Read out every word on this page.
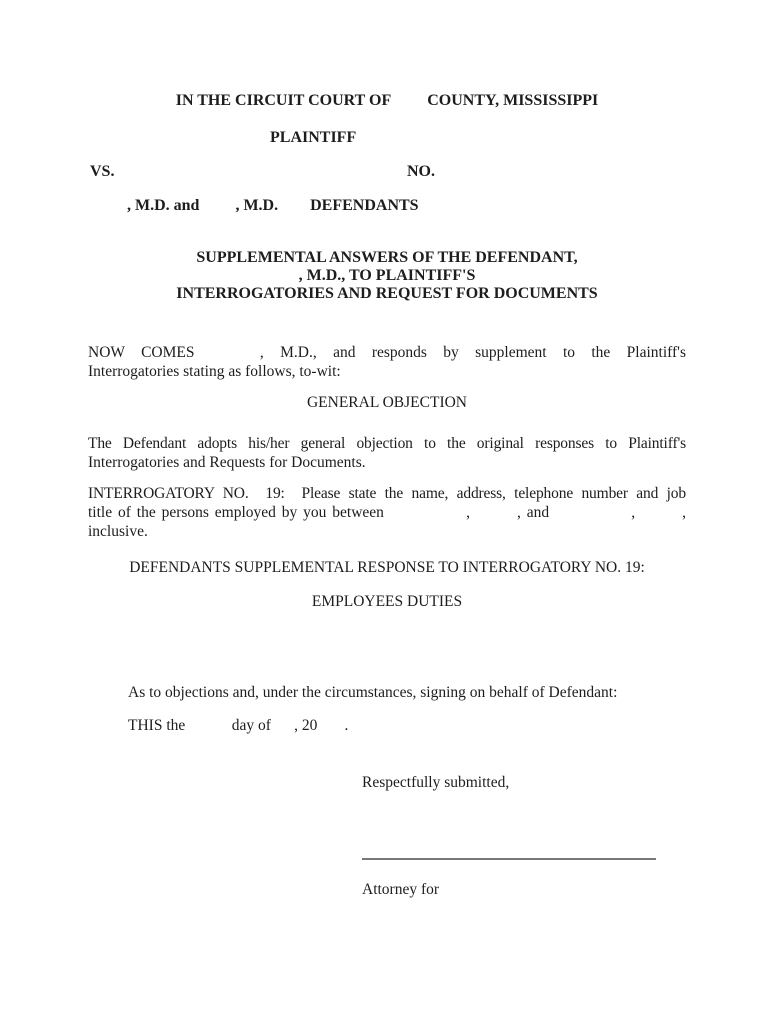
IN THE CIRCUIT COURT OF         COUNTY, MISSISSIPPI
PLAINTIFF
VS.	NO.
, M.D. and         , M.D.        DEFENDANTS
SUPPLEMENTAL ANSWERS OF THE DEFENDANT,
, M.D., TO PLAINTIFF'S
INTERROGATORIES AND REQUEST FOR DOCUMENTS
NOW COMES    , M.D., and responds by supplement to the Plaintiff's
Interrogatories stating as follows, to-wit:
GENERAL OBJECTION
The Defendant adopts his/her general objection to the original responses to Plaintiff's
Interrogatories and Requests for Documents.
INTERROGATORY NO.  19:  Please state the name, address, telephone number and job
title of the persons employed by you between              ,        , and              ,        ,
inclusive.
DEFENDANTS SUPPLEMENTAL RESPONSE TO INTERROGATORY NO. 19:
EMPLOYEES DUTIES
As to objections and, under the circumstances, signing on behalf of Defendant:
THIS the            day of      , 20       .
Respectfully submitted,
Attorney for
